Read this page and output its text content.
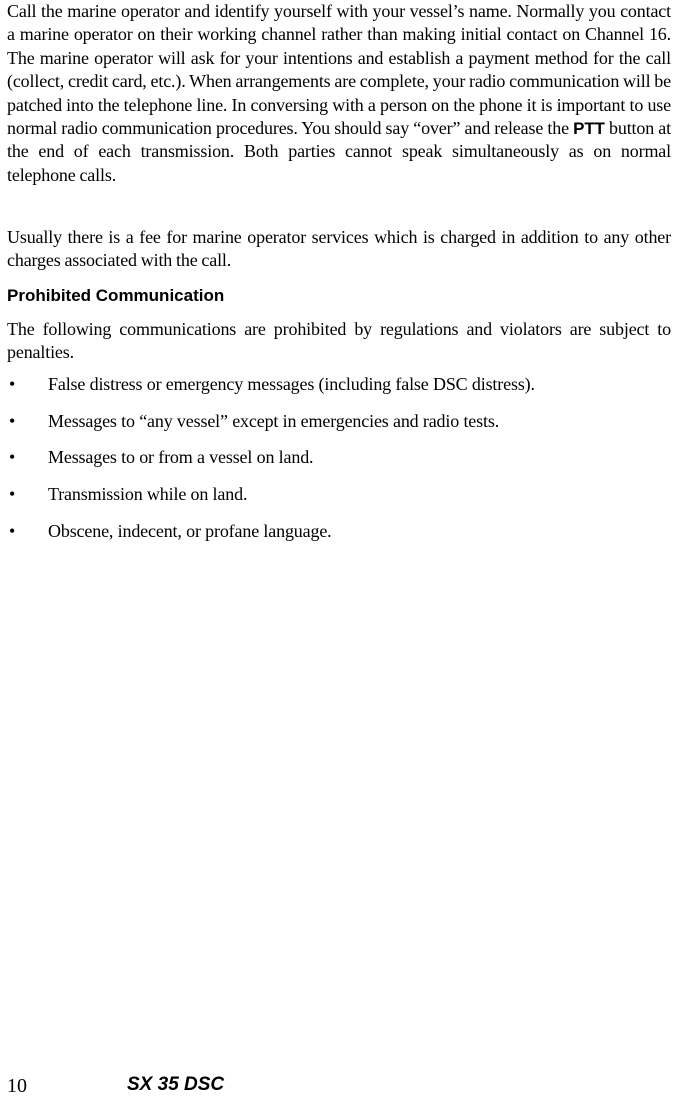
Call the marine operator and identify yourself with your vessel’s name. Normally you contact a marine operator on their working channel rather than making initial contact on Channel 16. The marine operator will ask for your intentions and establish a payment method for the call (collect, credit card, etc.). When arrangements are complete, your radio communication will be patched into the telephone line. In conversing with a person on the phone it is important to use normal radio communication procedures. You should say “over” and release the PTT button at the end of each transmission. Both parties cannot speak simultaneously as on normal telephone calls.

Usually there is a fee for marine operator services which is charged in addition to any other charges associated with the call.

Prohibited Communication

The following communications are prohibited by regulations and violators are subject to penalties.

• False distress or emergency messages (including false DSC distress).
• Messages to “any vessel” except in emergencies and radio tests.
• Messages to or from a vessel on land.
• Transmission while on land.
• Obscene, indecent, or profane language.
10	SX 35 DSC
